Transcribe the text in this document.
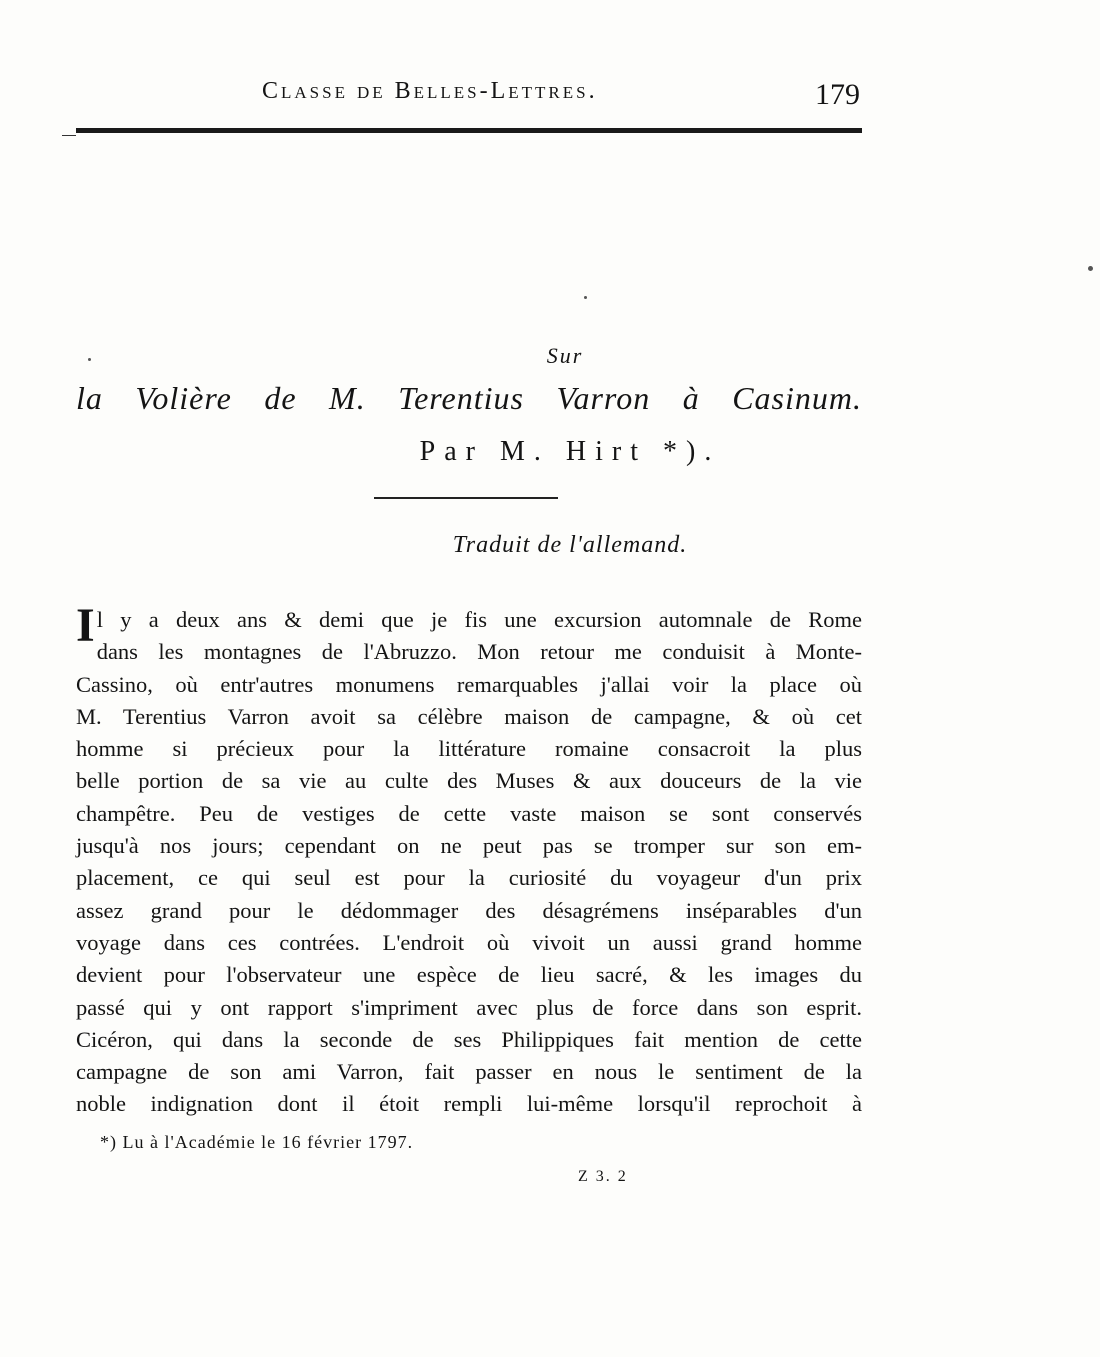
Classe de Belles-Lettres.	179
Sur
la Volière de M. Terentius Varron à Casinum.
Par M. Hirt *).
Traduit de l'allemand.
I l y a deux ans & demi que je fis une excursion automnale de Rome
dans les montagnes de l'Abruzzo. Mon retour me conduisit à Monte-
Cassino, où entr'autres monumens remarquables j'allai voir la place où
M. Terentius Varron avoit sa célèbre maison de campagne, & où cet
homme si précieux pour la littérature romaine consacroit la plus
belle portion de sa vie au culte des Muses & aux douceurs de la vie
champêtre. Peu de vestiges de cette vaste maison se sont conservés
jusqu'à nos jours; cependant on ne peut pas se tromper sur son em-
placement, ce qui seul est pour la curiosité du voyageur d'un prix
assez grand pour le dédommager des désagrémens inséparables d'un
voyage dans ces contrées. L'endroit où vivoit un aussi grand homme
devient pour l'observateur une espèce de lieu sacré, & les images du
passé qui y ont rapport s'impriment avec plus de force dans son esprit.
Cicéron, qui dans la seconde de ses Philippiques fait mention de cette
campagne de son ami Varron, fait passer en nous le sentiment de la
noble indignation dont il étoit rempli lui-même lorsqu'il reprochoit à
*) Lu à l'Académie le 16 février 1797.
Z 3. 2
